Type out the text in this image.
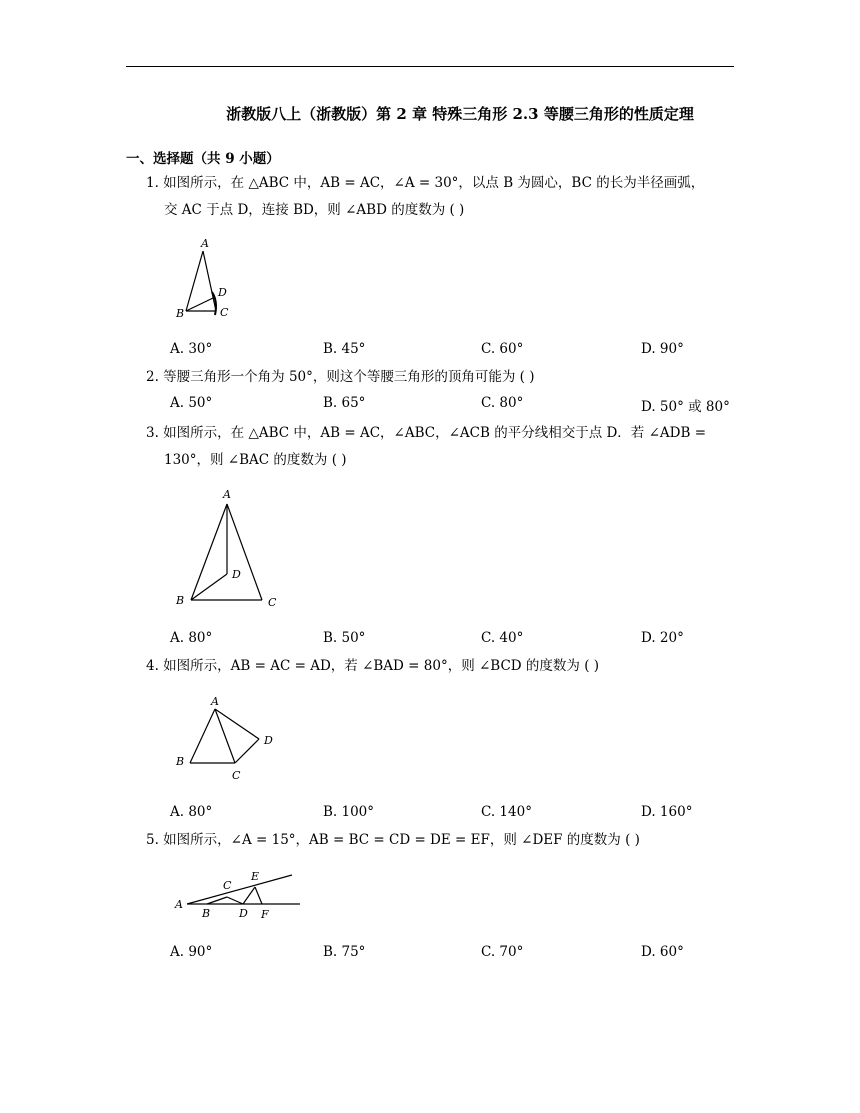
浙教版八上（浙教版）第 2 章 特殊三角形 2.3 等腰三角形的性质定理
一、选择题（共 9 小题）
1. 如图所示，在 △ABC 中，AB = AC，∠A = 30°，以点 B 为圆心，BC 的长为半径画弧，
交 AC 于点 D，连接 BD，则 ∠ABD 的度数为 ( )
A
B	C
D
A. 30°	B. 45°	C. 60°	D. 90°
2. 等腰三角形一个角为 50°，则这个等腰三角形的顶角可能为 ( )
A. 50°	B. 65°	C. 80°	D. 50° 或 80°
3. 如图所示，在 △ABC 中，AB = AC，∠ABC，∠ACB 的平分线相交于点 D．若 ∠ADB =
130°，则 ∠BAC 的度数为 ( )
A
B	C
D
A. 80°	B. 50°	C. 40°	D. 20°
4. 如图所示，AB = AC = AD，若 ∠BAD = 80°，则 ∠BCD 的度数为 ( )
A
B
C
D
A. 80°	B. 100°	C. 140°	D. 160°
5. 如图所示，∠A = 15°，AB = BC = CD = DE = EF，则 ∠DEF 的度数为 ( )
A
B
C
D
E
F
A. 90°	B. 75°	C. 70°	D. 60°
